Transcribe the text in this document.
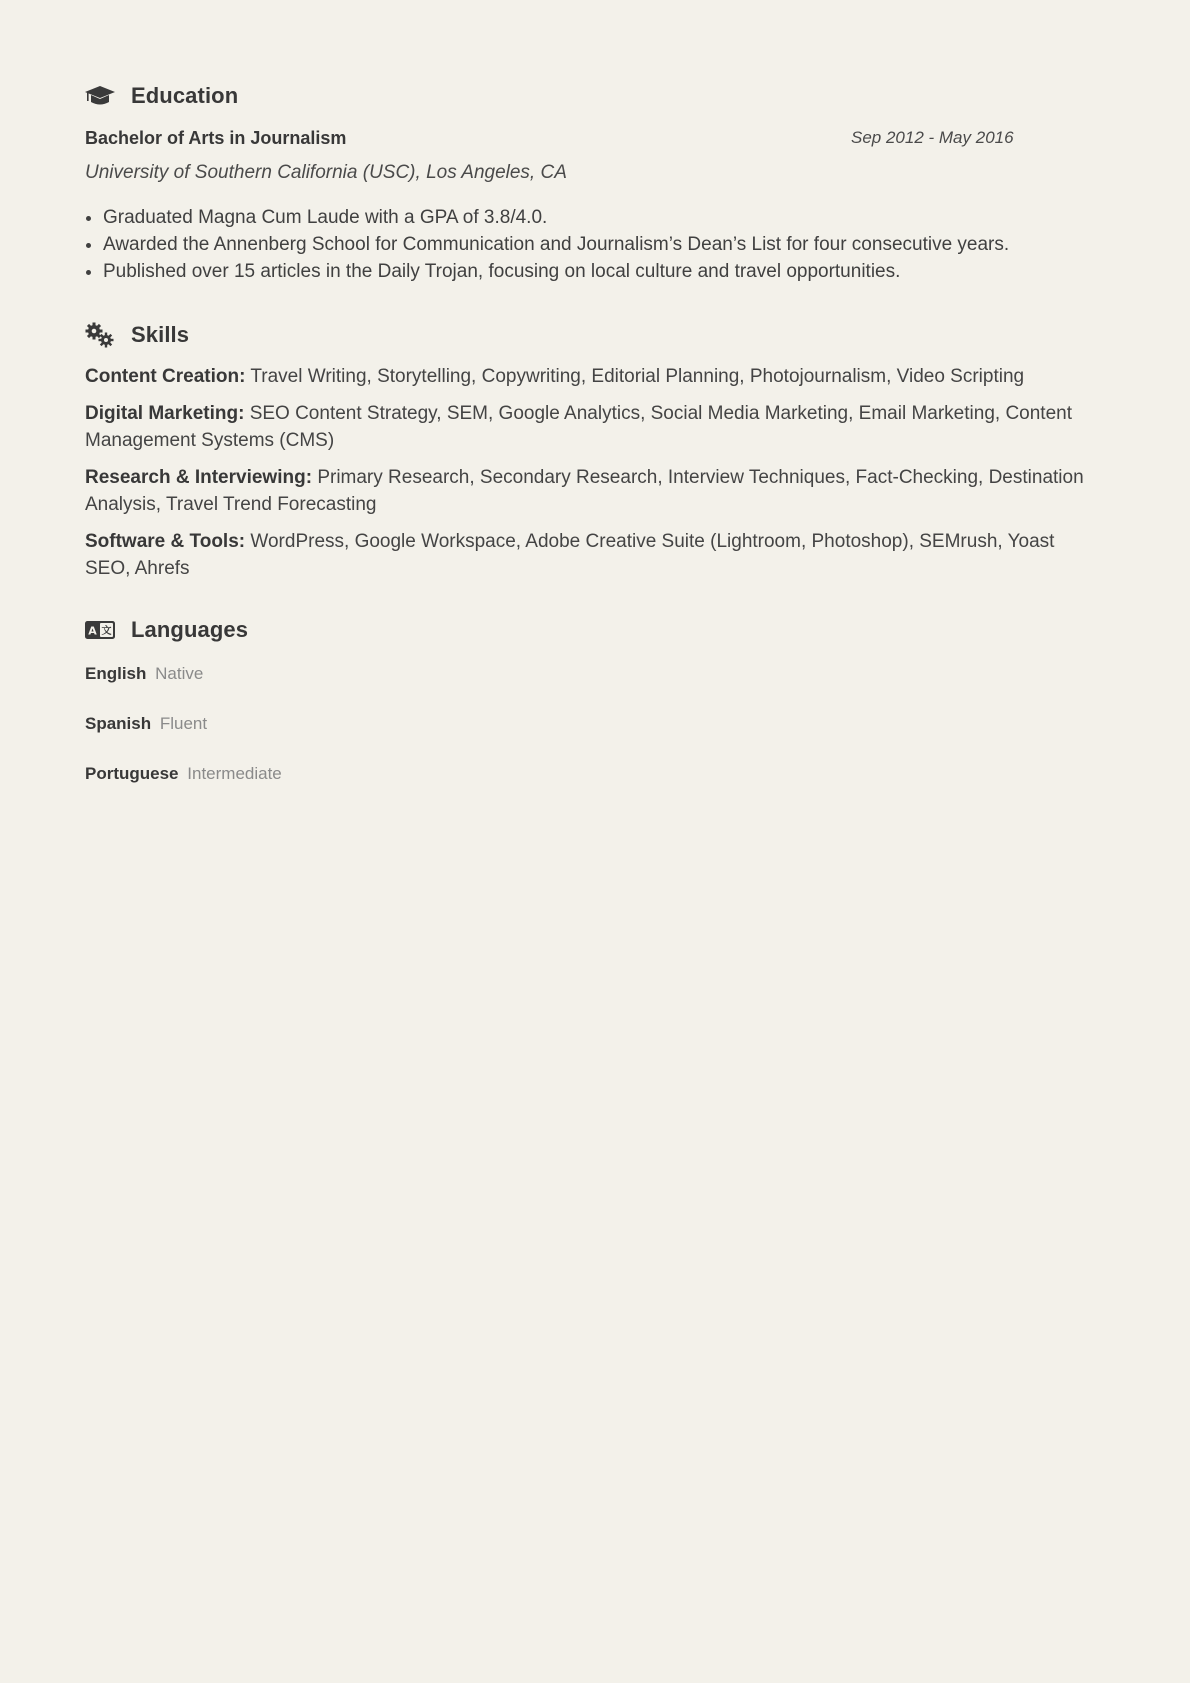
Education
Bachelor of Arts in Journalism	Sep 2012 - May 2016
University of Southern California (USC), Los Angeles, CA
• Graduated Magna Cum Laude with a GPA of 3.8/4.0.
• Awarded the Annenberg School for Communication and Journalism’s Dean’s List for four consecutive years.
• Published over 15 articles in the Daily Trojan, focusing on local culture and travel opportunities.
Skills
Content Creation: Travel Writing, Storytelling, Copywriting, Editorial Planning, Photojournalism, Video Scripting
Digital Marketing: SEO Content Strategy, SEM, Google Analytics, Social Media Marketing, Email Marketing, Content Management Systems (CMS)
Research & Interviewing: Primary Research, Secondary Research, Interview Techniques, Fact-Checking, Destination Analysis, Travel Trend Forecasting
Software & Tools: WordPress, Google Workspace, Adobe Creative Suite (Lightroom, Photoshop), SEMrush, Yoast SEO, Ahrefs
A 文 Languages
English Native
Spanish Fluent
Portuguese Intermediate
